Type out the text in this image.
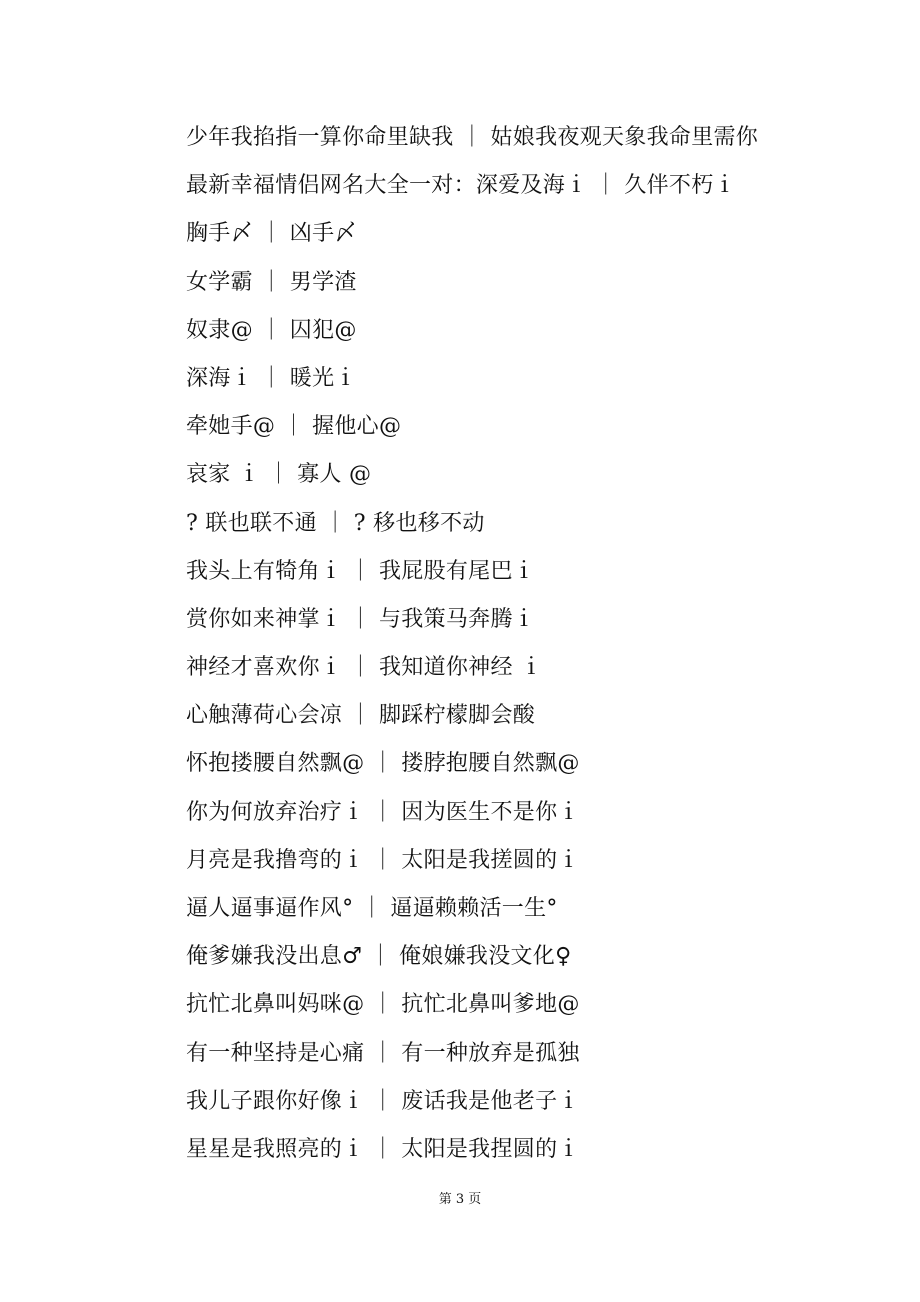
少年我掐指一算你命里缺我 ｜ 姑娘我夜观天象我命里需你
最新幸福情侣网名大全一对：深爱及海ｉ ｜ 久伴不朽ｉ
胸手〆 ｜ 凶手〆
女学霸 ｜ 男学渣
奴隶@ ｜ 囚犯@
深海ｉ ｜ 暖光ｉ
牵她手@ ｜ 握他心@
哀家 ｉ ｜ 寡人 @
? 联也联不通 ｜ ? 移也移不动
我头上有犄角ｉ ｜ 我屁股有尾巴ｉ
赏你如来神掌ｉ ｜ 与我策马奔腾ｉ
神经才喜欢你ｉ ｜ 我知道你神经 ｉ
心触薄荷心会凉 ｜ 脚踩柠檬脚会酸
怀抱搂腰自然飘@ ｜ 搂脖抱腰自然飘@
你为何放弃治疗ｉ ｜ 因为医生不是你ｉ
月亮是我撸弯的ｉ ｜ 太阳是我搓圆的ｉ
逼人逼事逼作风° ｜ 逼逼赖赖活一生°
俺爹嫌我没出息♂ ｜ 俺娘嫌我没文化♀
抗忙北鼻叫妈咪@ ｜ 抗忙北鼻叫爹地@
有一种坚持是心痛 ｜ 有一种放弃是孤独
我儿子跟你好像ｉ ｜ 废话我是他老子ｉ
星星是我照亮的ｉ ｜ 太阳是我捏圆的ｉ
第 3 页
